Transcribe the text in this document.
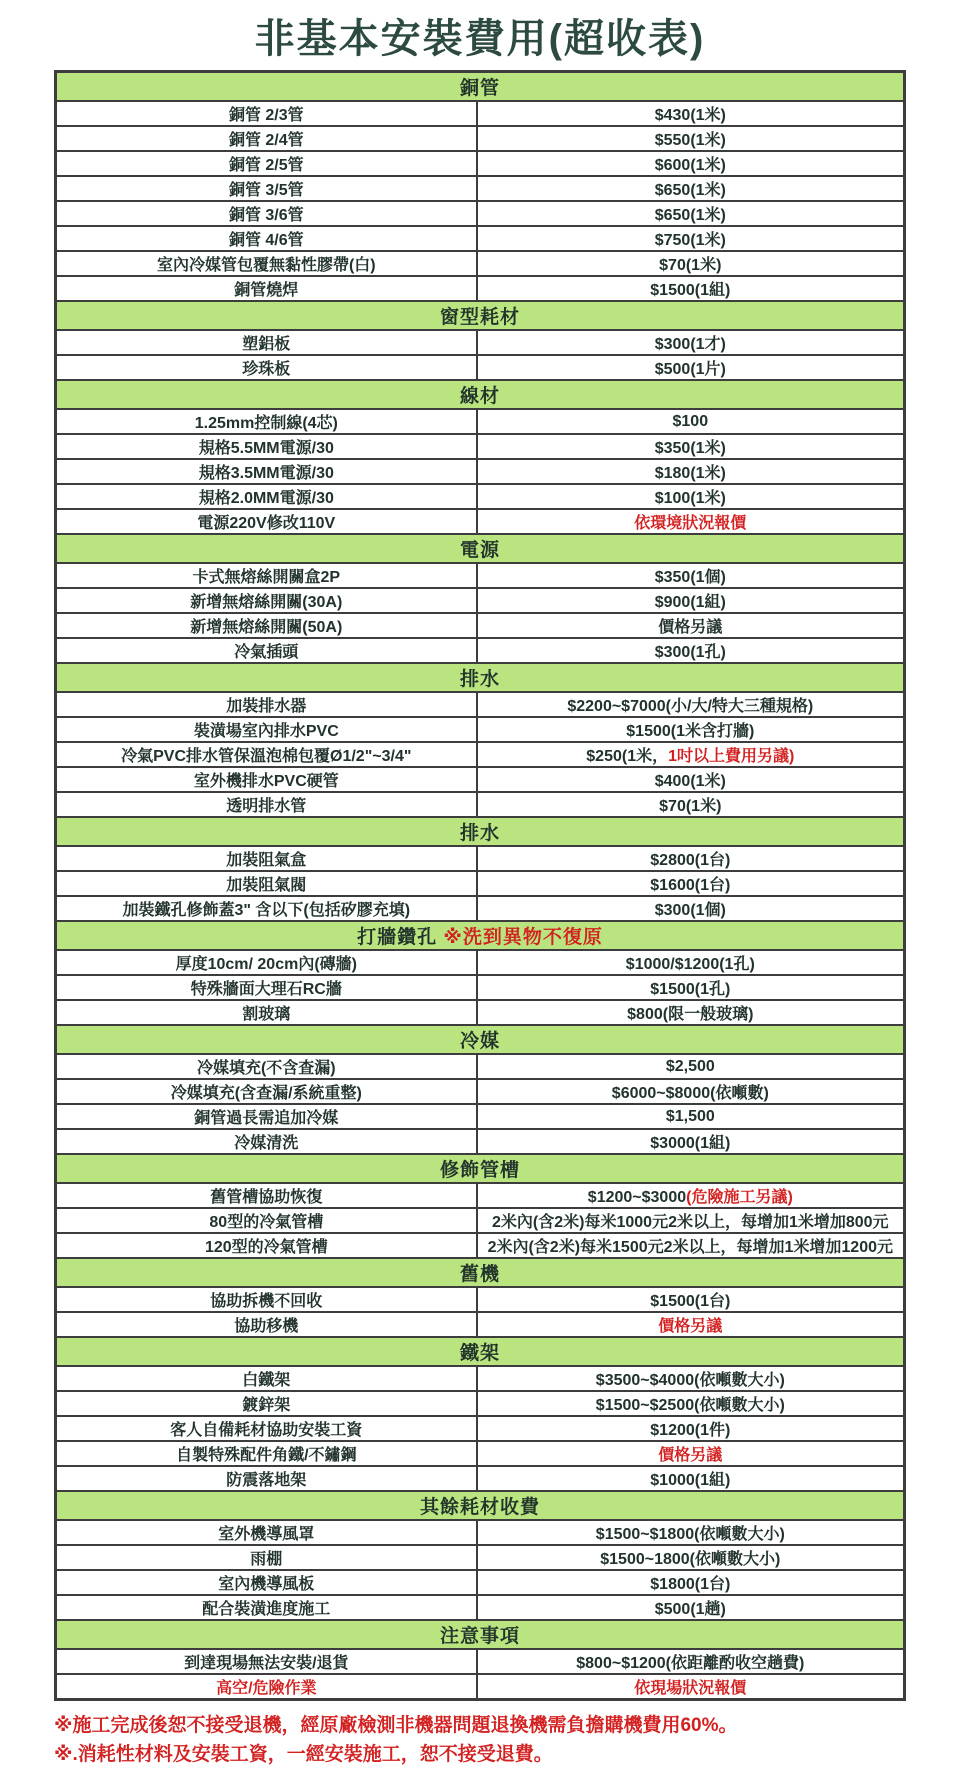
非基本安裝費用(超收表)
銅管	
銅管 2/3管	$430(1米)
銅管 2/4管	$550(1米)
銅管 2/5管	$600(1米)
銅管 3/5管	$650(1米)
銅管 3/6管	$650(1米)
銅管 4/6管	$750(1米)
室內冷媒管包覆無黏性膠帶(白)	$70(1米)
銅管燒焊	$1500(1組)
窗型耗材	
塑鋁板	$300(1才)
珍珠板	$500(1片)
線材	
1.25mm控制線(4芯)	$100
規格5.5MM電源/30	$350(1米)
規格3.5MM電源/30	$180(1米)
規格2.0MM電源/30	$100(1米)
電源220V修改110V	依環境狀況報價
電源	
卡式無熔絲開關盒2P	$350(1個)
新增無熔絲開關(30A)	$900(1組)
新增無熔絲開關(50A)	價格另議
冷氣插頭	$300(1孔)
排水	
加裝排水器	$2200~$7000(小/大/特大三種規格)
裝潢場室內排水PVC	$1500(1米含打牆)
冷氣PVC排水管保溫泡棉包覆Ø1/2"~3/4"	$250(1米，1吋以上費用另議)
室外機排水PVC硬管	$400(1米)
透明排水管	$70(1米)
排水	
加裝阻氣盒	$2800(1台)
加裝阻氣閥	$1600(1台)
加裝鐵孔修飾蓋3" 含以下(包括矽膠充填)	$300(1個)
打牆鑽孔 ※洗到異物不復原	
厚度10cm/ 20cm內(磚牆)	$1000/$1200(1孔)
特殊牆面大理石RC牆	$1500(1孔)
割玻璃	$800(限一般玻璃)
冷媒	
冷媒填充(不含查漏)	$2,500
冷媒填充(含查漏/系統重整)	$6000~$8000(依噸數)
銅管過長需追加冷媒	$1,500
冷媒清洗	$3000(1組)
修飾管槽	
舊管槽協助恢復	$1200~$3000(危險施工另議)
80型的冷氣管槽	2米內(含2米)每米1000元2米以上，每增加1米增加800元
120型的冷氣管槽	2米內(含2米)每米1500元2米以上，每增加1米增加1200元
舊機	
協助拆機不回收	$1500(1台)
協助移機	價格另議
鐵架	
白鐵架	$3500~$4000(依噸數大小)
鍍鋅架	$1500~$2500(依噸數大小)
客人自備耗材協助安裝工資	$1200(1件)
自製特殊配件角鐵/不鏽鋼	價格另議
防震落地架	$1000(1組)
其餘耗材收費	
室外機導風罩	$1500~$1800(依噸數大小)
雨棚	$1500~1800(依噸數大小)
室內機導風板	$1800(1台)
配合裝潢進度施工	$500(1趟)
注意事項	
到達現場無法安裝/退貨	$800~$1200(依距離酌收空趟費)
高空/危險作業	依現場狀況報價
※施工完成後恕不接受退機，經原廠檢測非機器問題退換機需負擔購機費用60%。
※.消耗性材料及安裝工資，一經安裝施工，恕不接受退費。
